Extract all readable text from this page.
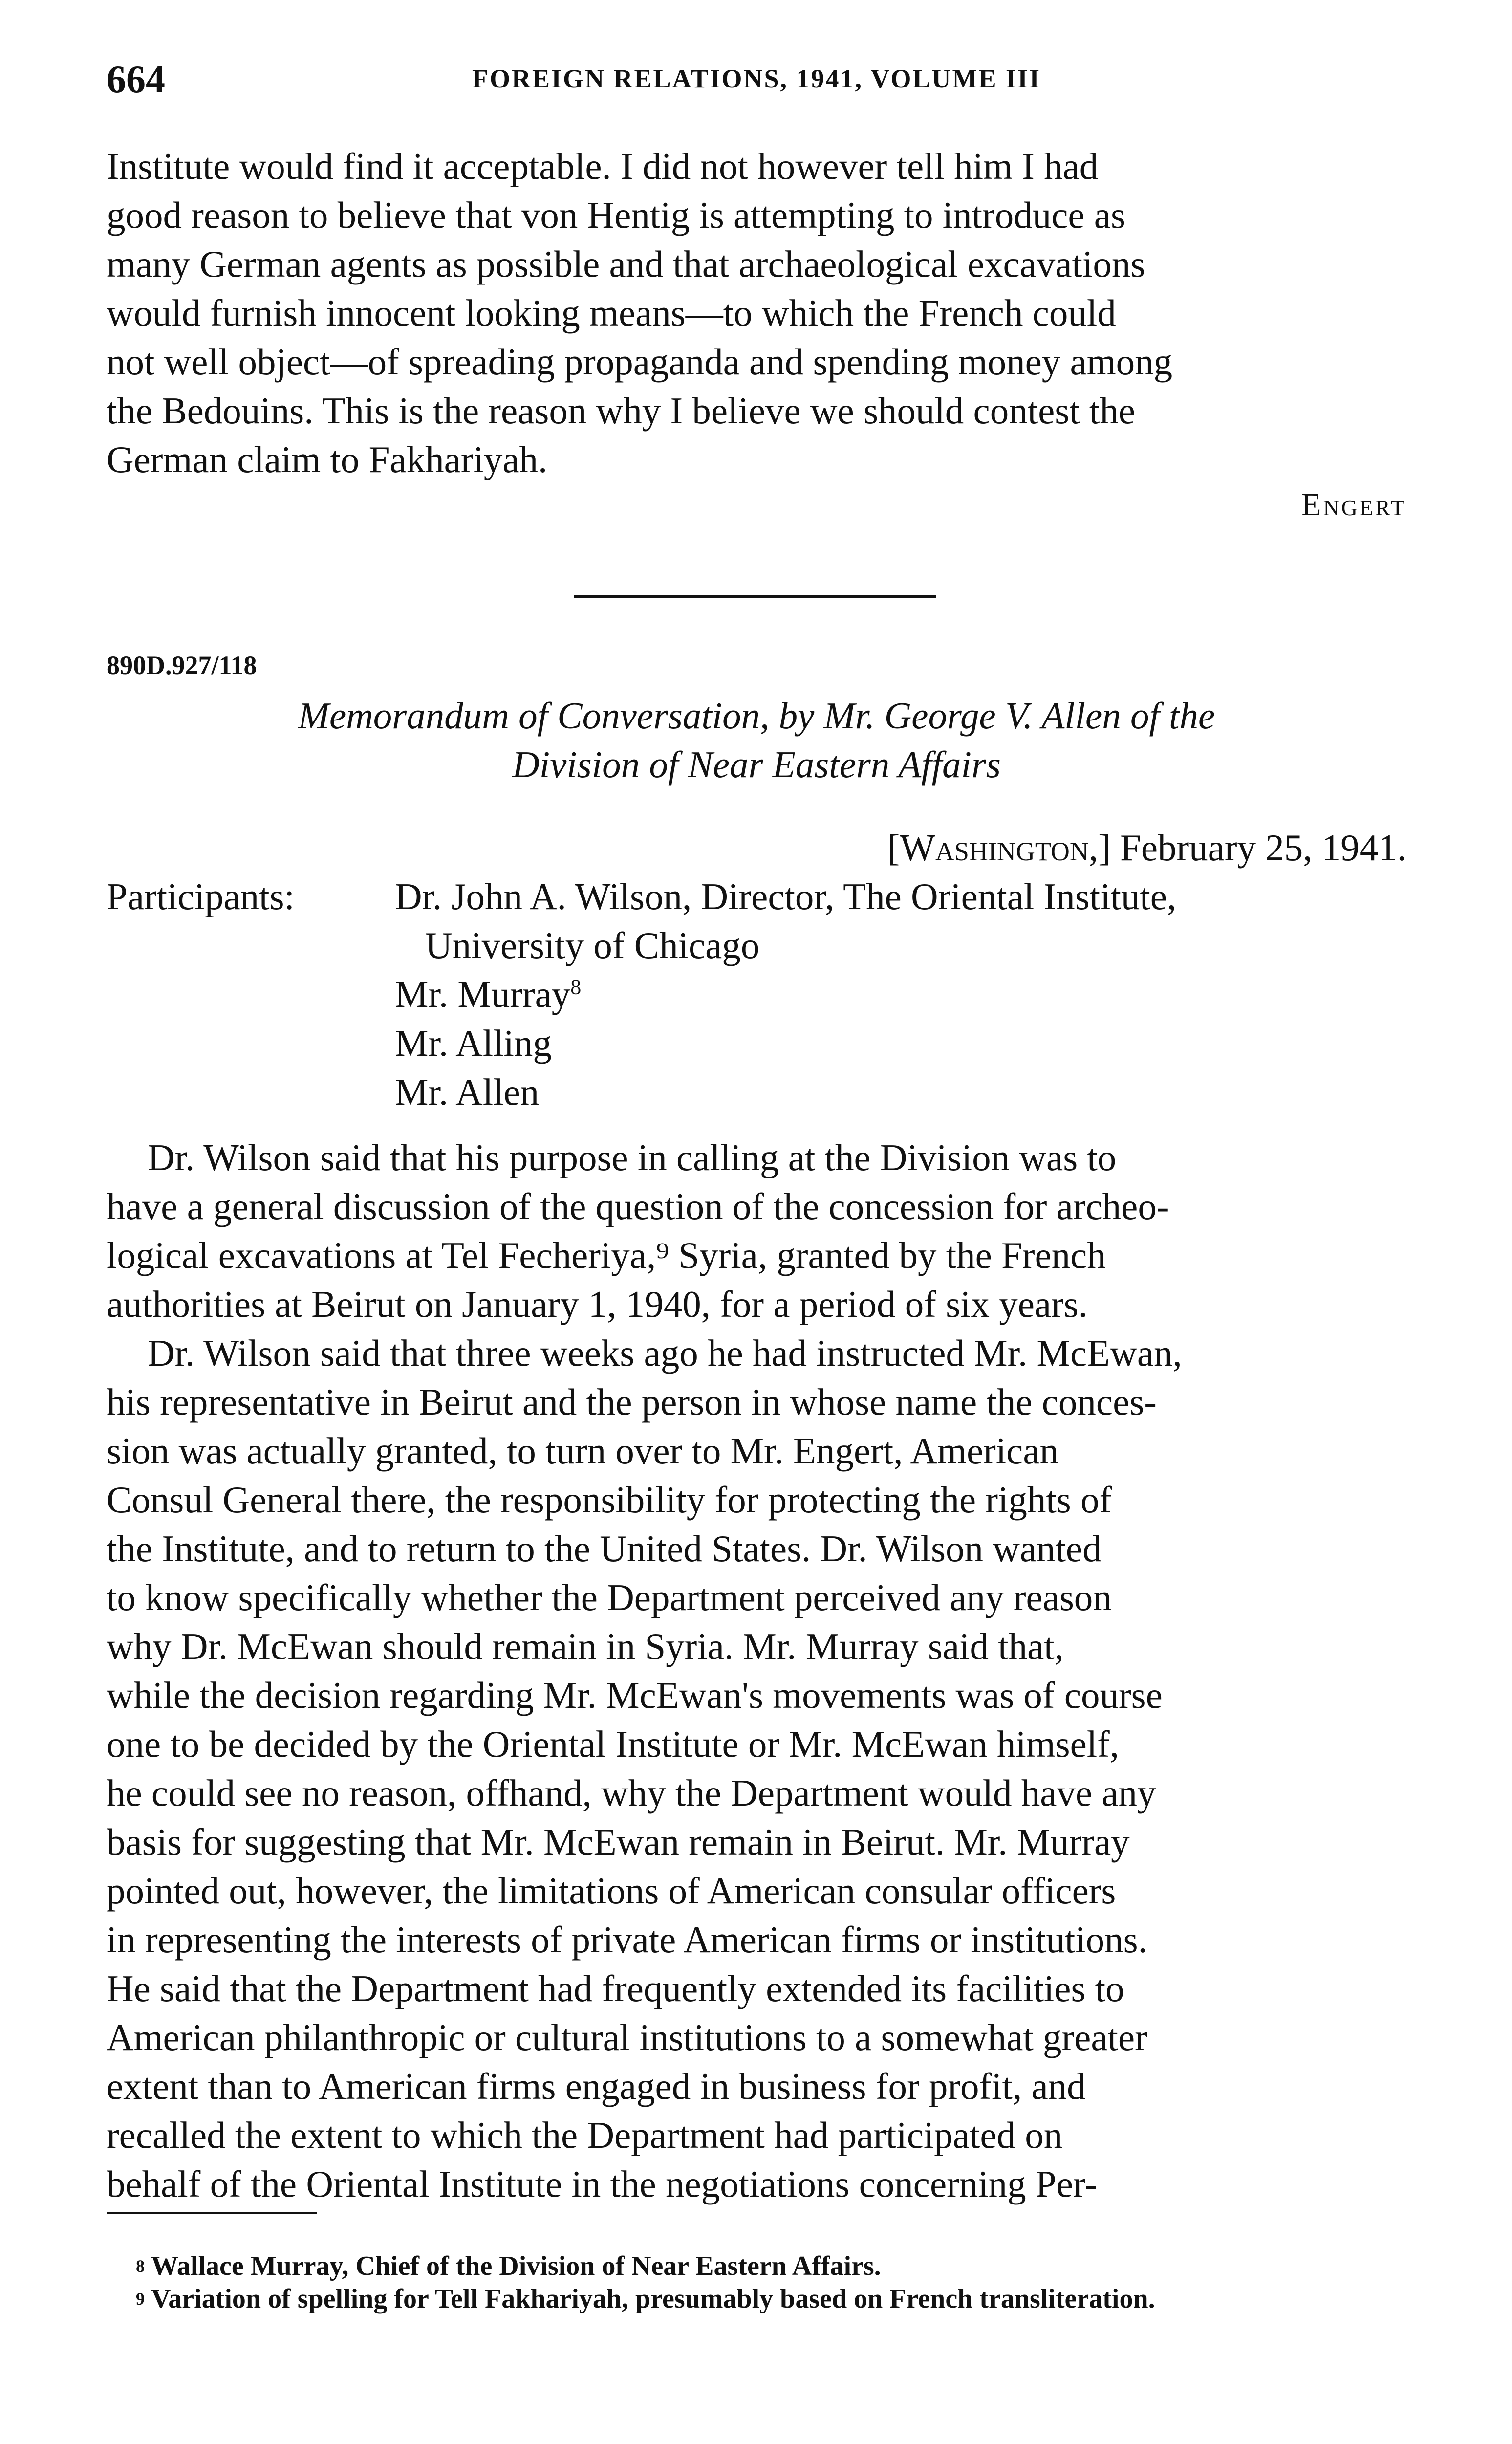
664	FOREIGN RELATIONS, 1941, VOLUME III

Institute would find it acceptable. I did not however tell him I had

good reason to believe that von Hentig is attempting to introduce as

many German agents as possible and that archaeological excavations

would furnish innocent looking means—to which the French could

not well object—of spreading propaganda and spending money among

the Bedouins. This is the reason why I believe we should contest the

German claim to Fakhariyah.

Engert
890D.927/118
Memorandum of Conversation, by Mr. George V. Allen of the
Division of Near Eastern Affairs
[Washington,] February 25, 1941.
Participants:	Dr. John A. Wilson, Director, The Oriental Institute,
University of Chicago
Mr. Murray$^8$
Mr. Alling
Mr. Allen

Dr. Wilson said that his purpose in calling at the Division was to

have a general discussion of the question of the concession for archeo-

logical excavations at Tel Fecheriya,⁹ Syria, granted by the French

authorities at Beirut on January 1, 1940, for a period of six years.

Dr. Wilson said that three weeks ago he had instructed Mr. McEwan,

his representative in Beirut and the person in whose name the conces-

sion was actually granted, to turn over to Mr. Engert, American

Consul General there, the responsibility for protecting the rights of

the Institute, and to return to the United States. Dr. Wilson wanted

to know specifically whether the Department perceived any reason

why Dr. McEwan should remain in Syria. Mr. Murray said that,

while the decision regarding Mr. McEwan's movements was of course

one to be decided by the Oriental Institute or Mr. McEwan himself,

he could see no reason, offhand, why the Department would have any

basis for suggesting that Mr. McEwan remain in Beirut. Mr. Murray

pointed out, however, the limitations of American consular officers

in representing the interests of private American firms or institutions.

He said that the Department had frequently extended its facilities to

American philanthropic or cultural institutions to a somewhat greater

extent than to American firms engaged in business for profit, and

recalled the extent to which the Department had participated on

behalf of the Oriental Institute in the negotiations concerning Per-

$^8$ Wallace Murray, Chief of the Division of Near Eastern Affairs.
$^9$ Variation of spelling for Tell Fakhariyah, presumably based on French transliteration.
